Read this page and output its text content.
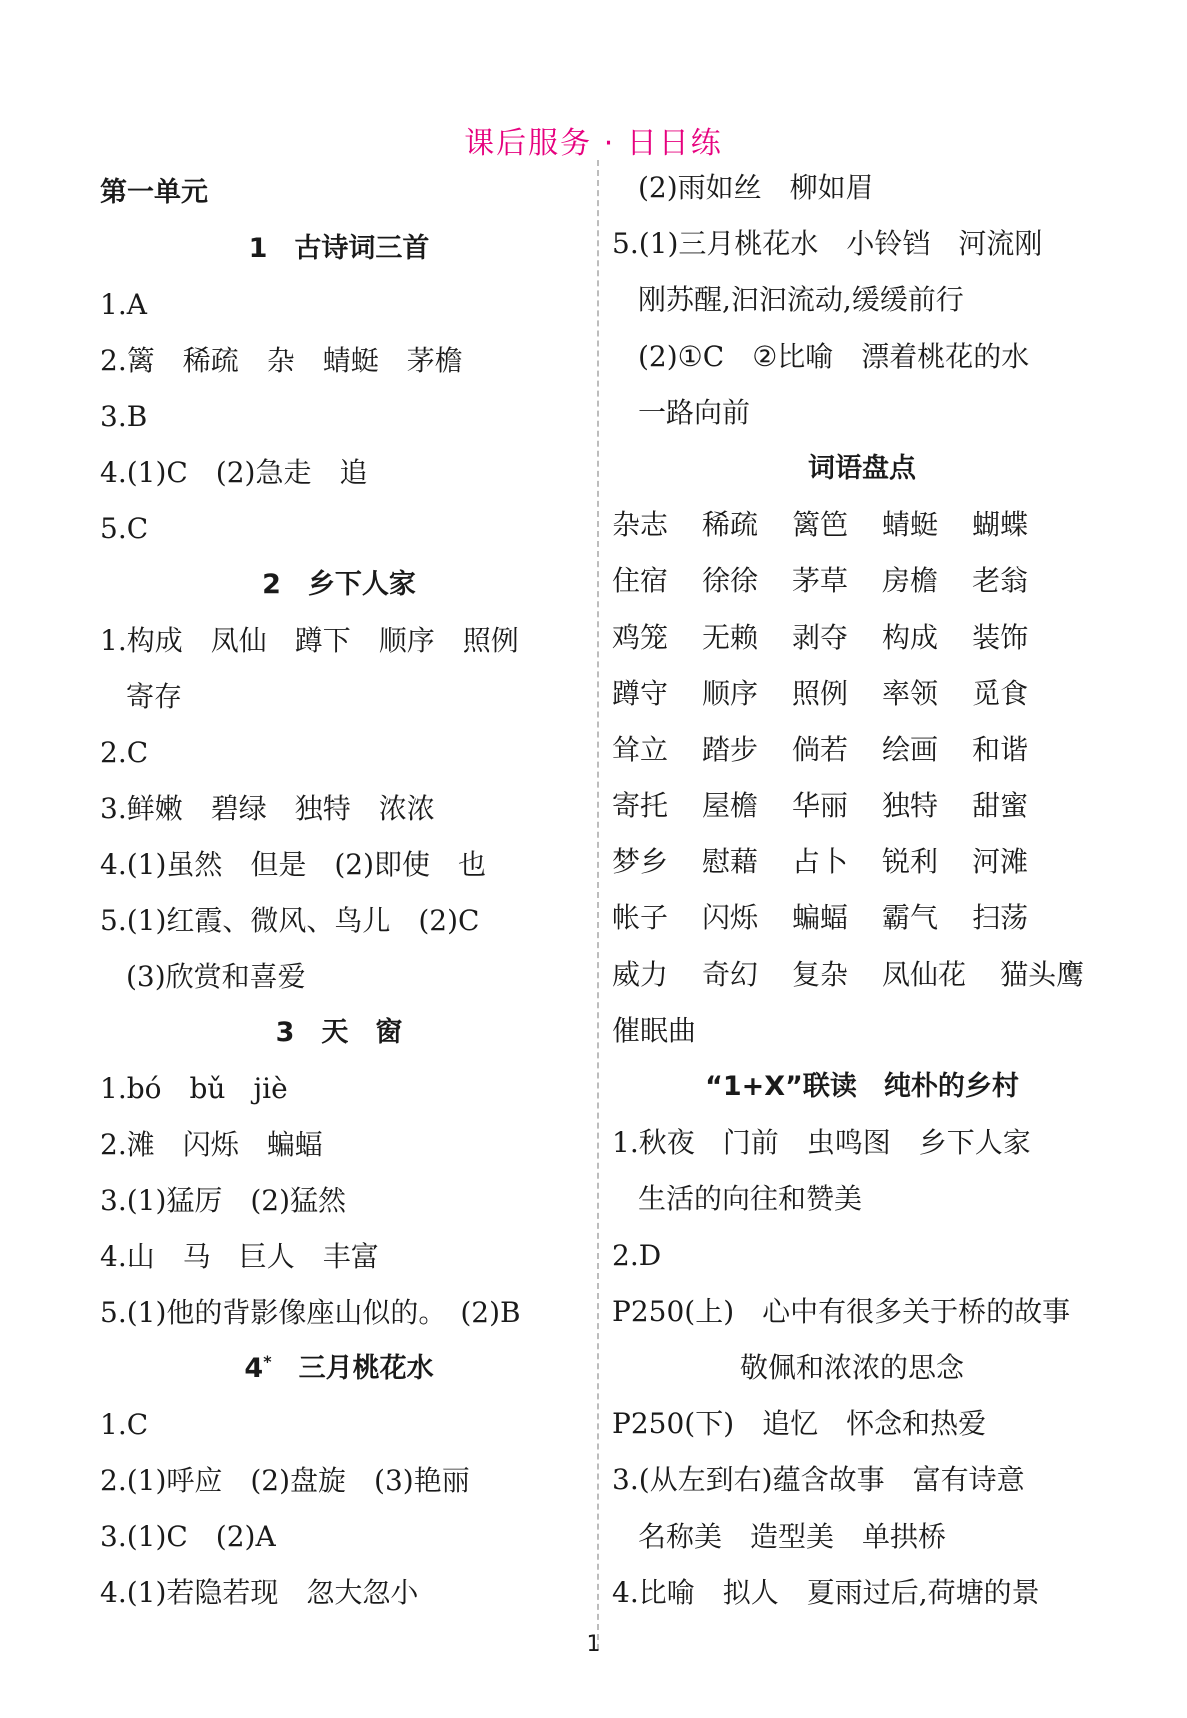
课后服务 · 日日练
第一单元
1　古诗词三首
1.A
2.篱　稀疏　杂　蜻蜓　茅檐
3.B
4.(1)C　(2)急走　追
5.C
2　乡下人家
1.构成　凤仙　蹲下　顺序　照例
寄存
2.C
3.鲜嫩　碧绿　独特　浓浓
4.(1)虽然　但是　(2)即使　也
5.(1)红霞、微风、鸟儿　(2)C
(3)欣赏和喜爱
3　天　窗
1.bó　bǔ　jiè
2.滩　闪烁　蝙蝠
3.(1)猛厉　(2)猛然
4.山　马　巨人　丰富
5.(1)他的背影像座山似的。　(2)B
4*　三月桃花水
1.C
2.(1)呼应　(2)盘旋　(3)艳丽
3.(1)C　(2)A
4.(1)若隐若现　忽大忽小
(2)雨如丝　柳如眉
5.(1)三月桃花水　小铃铛　河流刚
刚苏醒,汩汩流动,缓缓前行
(2)①C　②比喻　漂着桃花的水
一路向前
词语盘点
杂志 稀疏 篱笆 蜻蜓 蝴蝶
住宿 徐徐 茅草 房檐 老翁
鸡笼 无赖 剥夺 构成 装饰
蹲守 顺序 照例 率领 觅食
耸立 踏步 倘若 绘画 和谐
寄托 屋檐 华丽 独特 甜蜜
梦乡 慰藉 占卜 锐利 河滩
帐子 闪烁 蝙蝠 霸气 扫荡
威力 奇幻 复杂 凤仙花 猫头鹰
催眠曲
“1+X”联读　纯朴的乡村
1.秋夜　门前　虫鸣图　乡下人家
生活的向往和赞美
2.D
P250(上)　心中有很多关于桥的故事
敬佩和浓浓的思念
P250(下)　追忆　怀念和热爱
3.(从左到右)蕴含故事　富有诗意
名称美　造型美　单拱桥
4.比喻　拟人　夏雨过后,荷塘的景
1
